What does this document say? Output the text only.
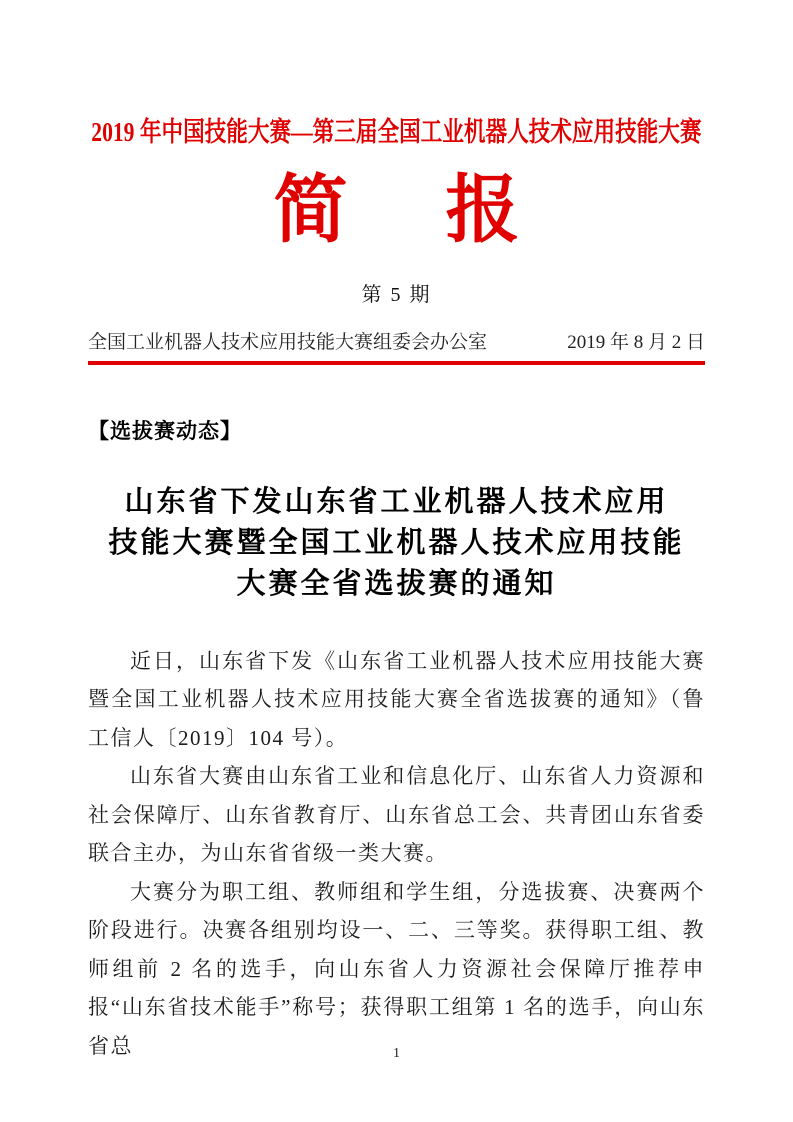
2019 年中国技能大赛—第三届全国工业机器人技术应用技能大赛
简　报
第 5 期
全国工业机器人技术应用技能大赛组委会办公室	2019 年 8 月 2 日
【选拔赛动态】
山东省下发山东省工业机器人技术应用
技能大赛暨全国工业机器人技术应用技能
大赛全省选拔赛的通知

近日，山东省下发《山东省工业机器人技术应用技能大赛暨全国工业机器人技术应用技能大赛全省选拔赛的通知》（鲁工信人〔2019〕104 号）。

山东省大赛由山东省工业和信息化厅、山东省人力资源和社会保障厅、山东省教育厅、山东省总工会、共青团山东省委联合主办，为山东省省级一类大赛。

大赛分为职工组、教师组和学生组，分选拔赛、决赛两个阶段进行。决赛各组别均设一、二、三等奖。获得职工组、教师组前 2 名的选手，向山东省人力资源社会保障厅推荐申报“山东省技术能手”称号；获得职工组第 1 名的选手，向山东省总	1
